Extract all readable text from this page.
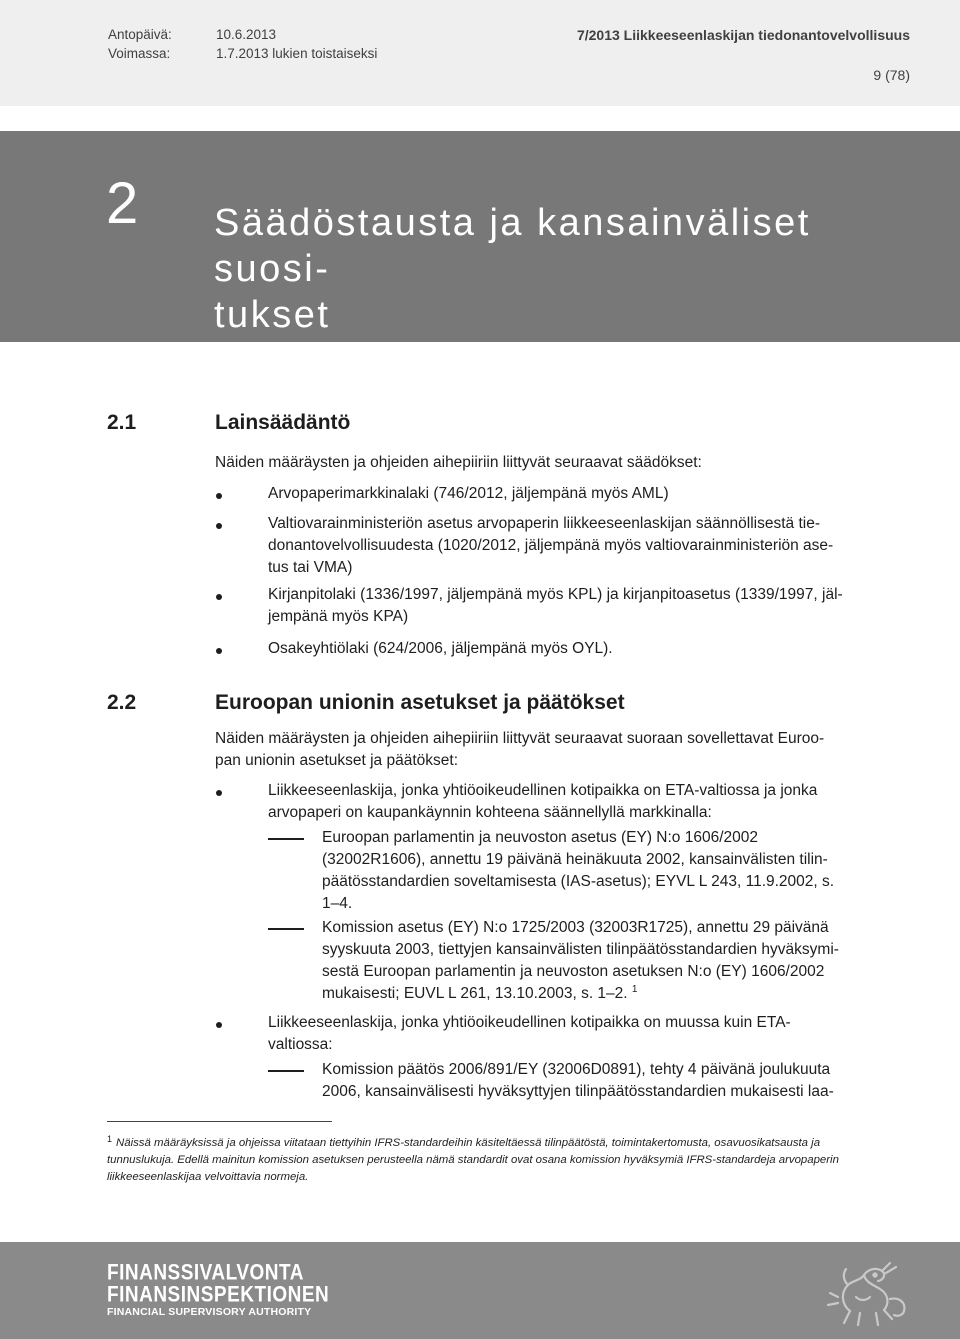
Antopäivä:	10.6.2013	7/2013 Liikkeeseenlaskijan tiedonantovelvollisuus
Voimassa:	1.7.2013 lukien toistaiseksi
9 (78)
2 Säädöstausta ja kansainväliset suosi-
tukset
2.1	Lainsäädäntö

Näiden määräysten ja ohjeiden aihepiiriin liittyvät seuraavat säädökset:

Arvopaperimarkkinalaki (746/2012, jäljempänä myös AML)

Valtiovarainministeriön asetus arvopaperin liikkeeseenlaskijan säännöllisestä tie-
donantovelvollisuudesta (1020/2012, jäljempänä myös valtiovarainministeriön ase-
tus tai VMA)

Kirjanpitolaki (1336/1997, jäljempänä myös KPL) ja kirjanpitoasetus (1339/1997, jäl-
jempänä myös KPA)

Osakeyhtiölaki (624/2006, jäljempänä myös OYL).

2.2	Euroopan unionin asetukset ja päätökset

Näiden määräysten ja ohjeiden aihepiiriin liittyvät seuraavat suoraan sovellettavat Euroo-
pan unionin asetukset ja päätökset:

Liikkeeseenlaskija, jonka yhtiöoikeudellinen kotipaikka on ETA-valtiossa ja jonka
arvopaperi on kaupankäynnin kohteena säännellyllä markkinalla:

Euroopan parlamentin ja neuvoston asetus (EY) N:o 1606/2002
(32002R1606), annettu 19 päivänä heinäkuuta 2002, kansainvälisten tilin-
päätösstandardien soveltamisesta (IAS-asetus); EYVL L 243, 11.9.2002, s.
1–4.

Komission asetus (EY) N:o 1725/2003 (32003R1725), annettu 29 päivänä
syyskuuta 2003, tiettyjen kansainvälisten tilinpäätösstandardien hyväksymi-
sestä Euroopan parlamentin ja neuvoston asetuksen N:o (EY) 1606/2002
mukaisesti; EUVL L 261, 13.10.2003, s. 1–2. $^1$

Liikkeeseenlaskija, jonka yhtiöoikeudellinen kotipaikka on muussa kuin ETA-
valtiossa:

Komission päätös 2006/891/EY (32006D0891), tehty 4 päivänä joulukuuta
2006, kansainvälisesti hyväksyttyjen tilinpäätösstandardien mukaisesti laa-

$^1$ Näissä määräyksissä ja ohjeissa viitataan tiettyihin IFRS-standardeihin käsiteltäessä tilinpäätöstä, toimintakertomusta, osavuosikatsausta ja
tunnuslukuja. Edellä mainitun komission asetuksen perusteella nämä standardit ovat osana komission hyväksymiä IFRS-standardeja arvopaperin
liikkeeseenlaskijaa velvoittavia normeja.
FINANSSIVALVONTA
FINANSINSPEKTIONEN
FINANCIAL SUPERVISORY AUTHORITY
